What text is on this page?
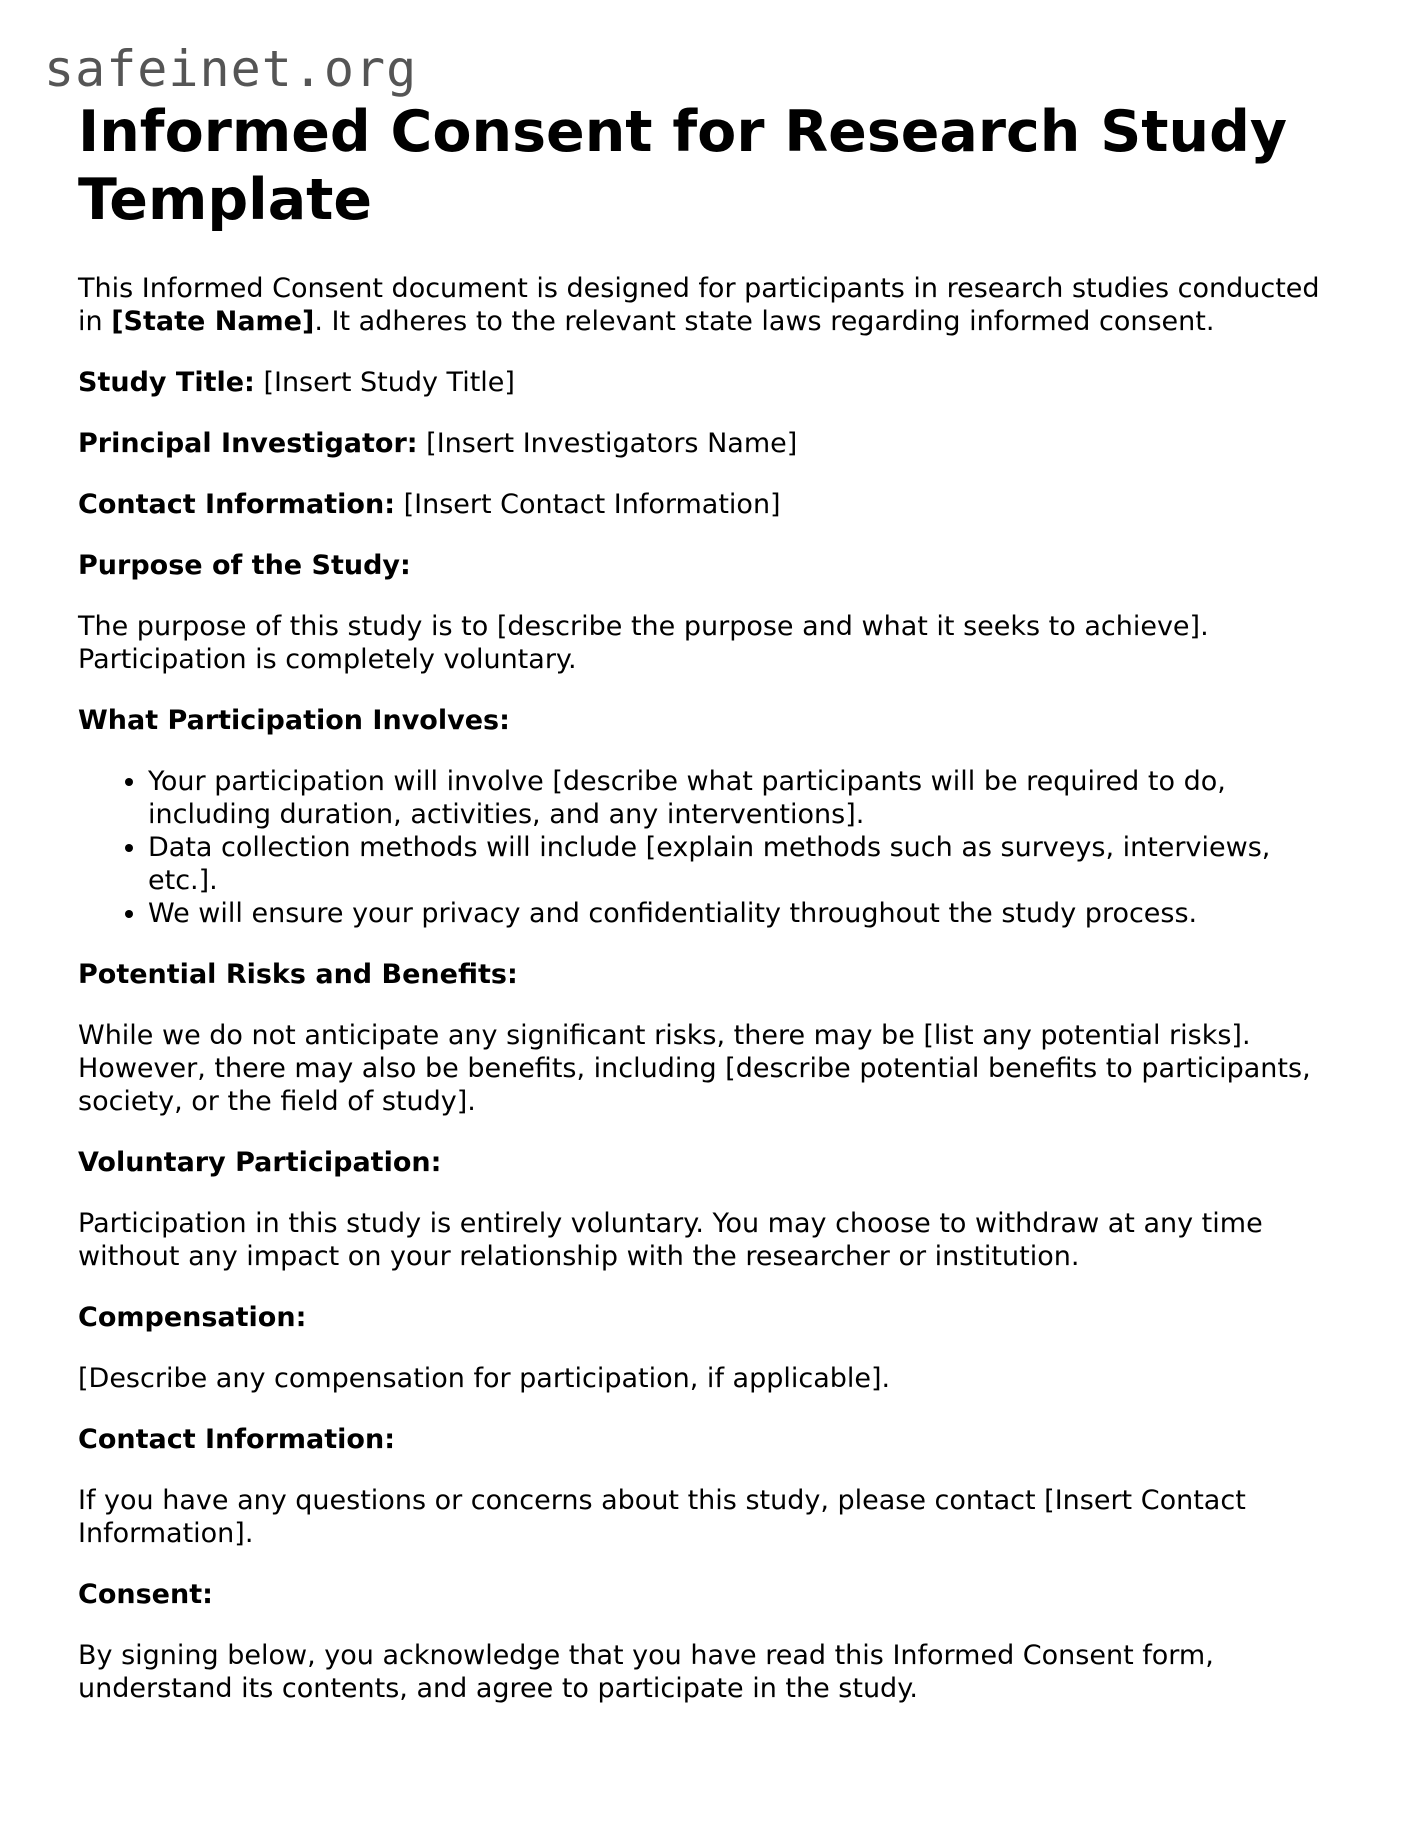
safeinet.org
Informed Consent for Research Study Template

This Informed Consent document is designed for participants in research studies conducted in [State Name]. It adheres to the relevant state laws regarding informed consent.

Study Title: [Insert Study Title]

Principal Investigator: [Insert Investigators Name]

Contact Information: [Insert Contact Information]

Purpose of the Study:

The purpose of this study is to [describe the purpose and what it seeks to achieve]. Participation is completely voluntary.

What Participation Involves:
• Your participation will involve [describe what participants will be required to do, including duration, activities, and any interventions].
• Data collection methods will include [explain methods such as surveys, interviews, etc.].
• We will ensure your privacy and confidentiality throughout the study process.
Potential Risks and Benefits:

While we do not anticipate any significant risks, there may be [list any potential risks]. However, there may also be benefits, including [describe potential benefits to participants, society, or the field of study].

Voluntary Participation:

Participation in this study is entirely voluntary. You may choose to withdraw at any time without any impact on your relationship with the researcher or institution.

Compensation:

[Describe any compensation for participation, if applicable].

Contact Information:

If you have any questions or concerns about this study, please contact [Insert Contact Information].

Consent:

By signing below, you acknowledge that you have read this Informed Consent form, understand its contents, and agree to participate in the study.
